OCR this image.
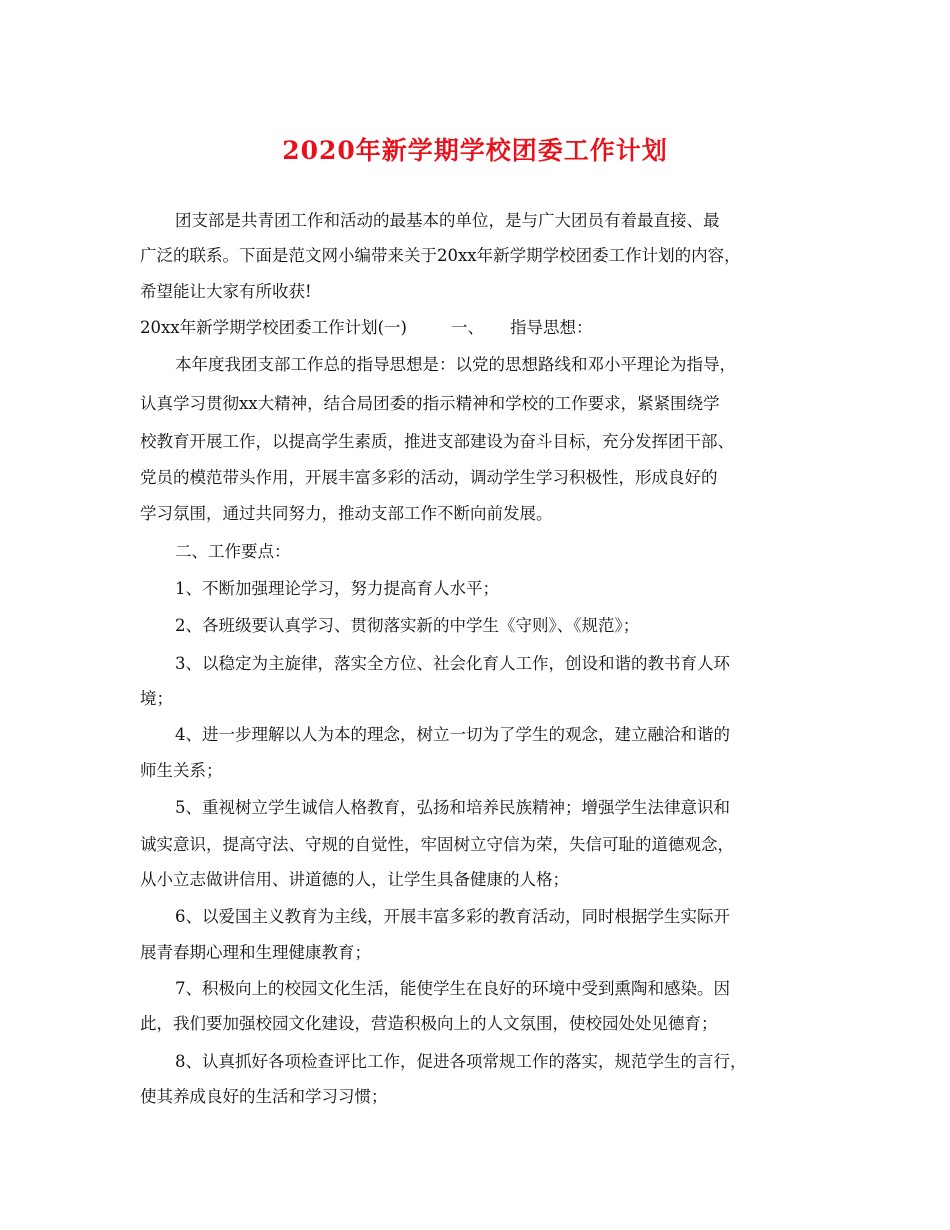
2020年新学期学校团委工作计划
团支部是共青团工作和活动的最基本的单位，是与广大团员有着最直接、最
广泛的联系。下面是范文网小编带来关于20xx年新学期学校团委工作计划的内容，
希望能让大家有所收获!
20xx年新学期学校团委工作计划(一)	一、 指导思想：
本年度我团支部工作总的指导思想是：以党的思想路线和邓小平理论为指导，
认真学习贯彻xx大精神，结合局团委的指示精神和学校的工作要求，紧紧围绕学
校教育开展工作，以提高学生素质，推进支部建设为奋斗目标，充分发挥团干部、
党员的模范带头作用，开展丰富多彩的活动，调动学生学习积极性，形成良好的
学习氛围，通过共同努力，推动支部工作不断向前发展。
二、工作要点：
1、不断加强理论学习，努力提高育人水平；
2、各班级要认真学习、贯彻落实新的中学生《守则》、《规范》；
3、以稳定为主旋律，落实全方位、社会化育人工作，创设和谐的教书育人环
境；
4、进一步理解以人为本的理念，树立一切为了学生的观念，建立融洽和谐的
师生关系；
5、重视树立学生诚信人格教育，弘扬和培养民族精神；增强学生法律意识和
诚实意识，提高守法、守规的自觉性，牢固树立守信为荣，失信可耻的道德观念，
从小立志做讲信用、讲道德的人，让学生具备健康的人格；
6、以爱国主义教育为主线，开展丰富多彩的教育活动，同时根据学生实际开
展青春期心理和生理健康教育；
7、积极向上的校园文化生活，能使学生在良好的环境中受到熏陶和感染。因
此，我们要加强校园文化建设，营造积极向上的人文氛围，使校园处处见德育；
8、认真抓好各项检查评比工作，促进各项常规工作的落实，规范学生的言行，
使其养成良好的生活和学习习惯；
